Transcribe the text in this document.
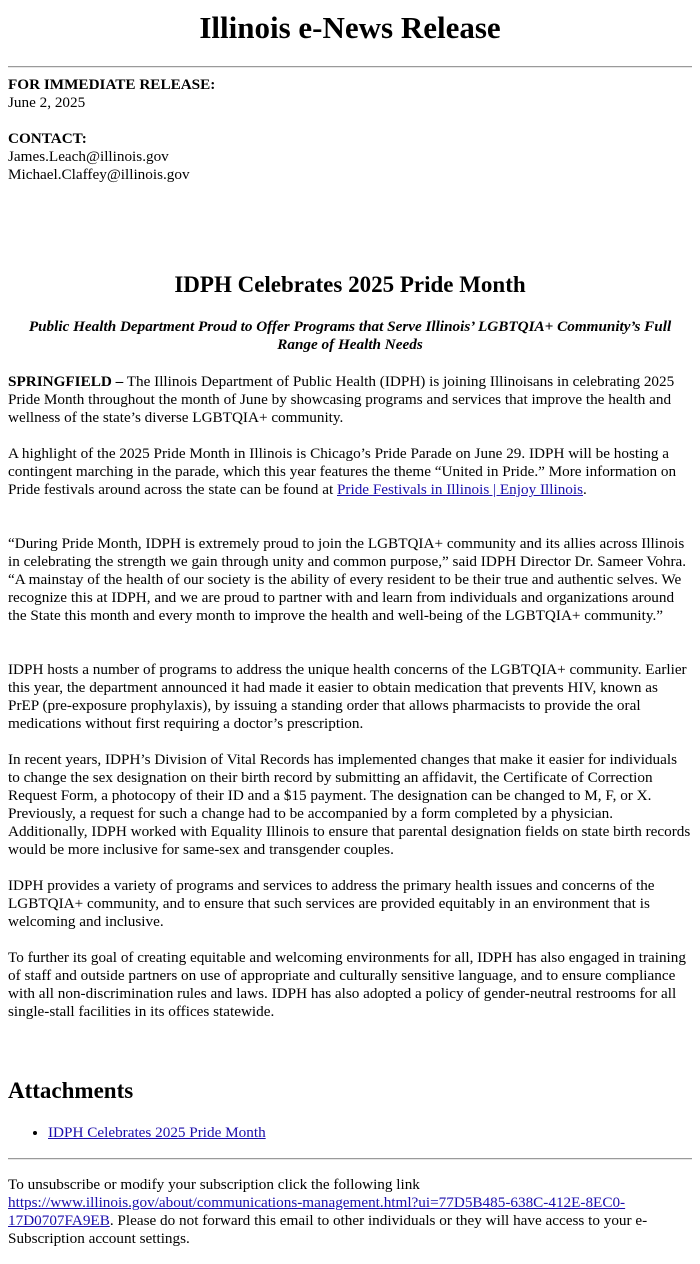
Illinois e-News Release
FOR IMMEDIATE RELEASE:
June 2, 2025
CONTACT:
James.Leach@illinois.gov
Michael.Claffey@illinois.gov
IDPH Celebrates 2025 Pride Month
Public Health Department Proud to Offer Programs that Serve Illinois’ LGBTQIA+ Community’s Full Range of Health Needs

SPRINGFIELD – The Illinois Department of Public Health (IDPH) is joining Illinoisans in celebrating 2025 Pride Month throughout the month of June by showcasing programs and services that improve the health and wellness of the state’s diverse LGBTQIA+ community.

A highlight of the 2025 Pride Month in Illinois is Chicago’s Pride Parade on June 29. IDPH will be hosting a contingent marching in the parade, which this year features the theme “United in Pride.” More information on Pride festivals around across the state can be found at Pride Festivals in Illinois | Enjoy Illinois.

“During Pride Month, IDPH is extremely proud to join the LGBTQIA+ community and its allies across Illinois in celebrating the strength we gain through unity and common purpose,” said IDPH Director Dr. Sameer Vohra. “A mainstay of the health of our society is the ability of every resident to be their true and authentic selves. We recognize this at IDPH, and we are proud to partner with and learn from individuals and organizations around the State this month and every month to improve the health and well-being of the LGBTQIA+ community.”

IDPH hosts a number of programs to address the unique health concerns of the LGBTQIA+ community. Earlier this year, the department announced it had made it easier to obtain medication that prevents HIV, known as PrEP (pre-exposure prophylaxis), by issuing a standing order that allows pharmacists to provide the oral medications without first requiring a doctor’s prescription.

In recent years, IDPH’s Division of Vital Records has implemented changes that make it easier for individuals to change the sex designation on their birth record by submitting an affidavit, the Certificate of Correction Request Form, a photocopy of their ID and a $15 payment. The designation can be changed to M, F, or X. Previously, a request for such a change had to be accompanied by a form completed by a physician. Additionally, IDPH worked with Equality Illinois to ensure that parental designation fields on state birth records would be more inclusive for same-sex and transgender couples.

IDPH provides a variety of programs and services to address the primary health issues and concerns of the LGBTQIA+ community, and to ensure that such services are provided equitably in an environment that is welcoming and inclusive.

To further its goal of creating equitable and welcoming environments for all, IDPH has also engaged in training of staff and outside partners on use of appropriate and culturally sensitive language, and to ensure compliance with all non-discrimination rules and laws. IDPH has also adopted a policy of gender-neutral restrooms for all single-stall facilities in its offices statewide.

Attachments
• IDPH Celebrates 2025 Pride Month

To unsubscribe or modify your subscription click the following link https://www.illinois.gov/about/communications-management.html?ui=77D5B485-638C-412E-8EC0-17D0707FA9EB. Please do not forward this email to other individuals or they will have access to your e-Subscription account settings.
